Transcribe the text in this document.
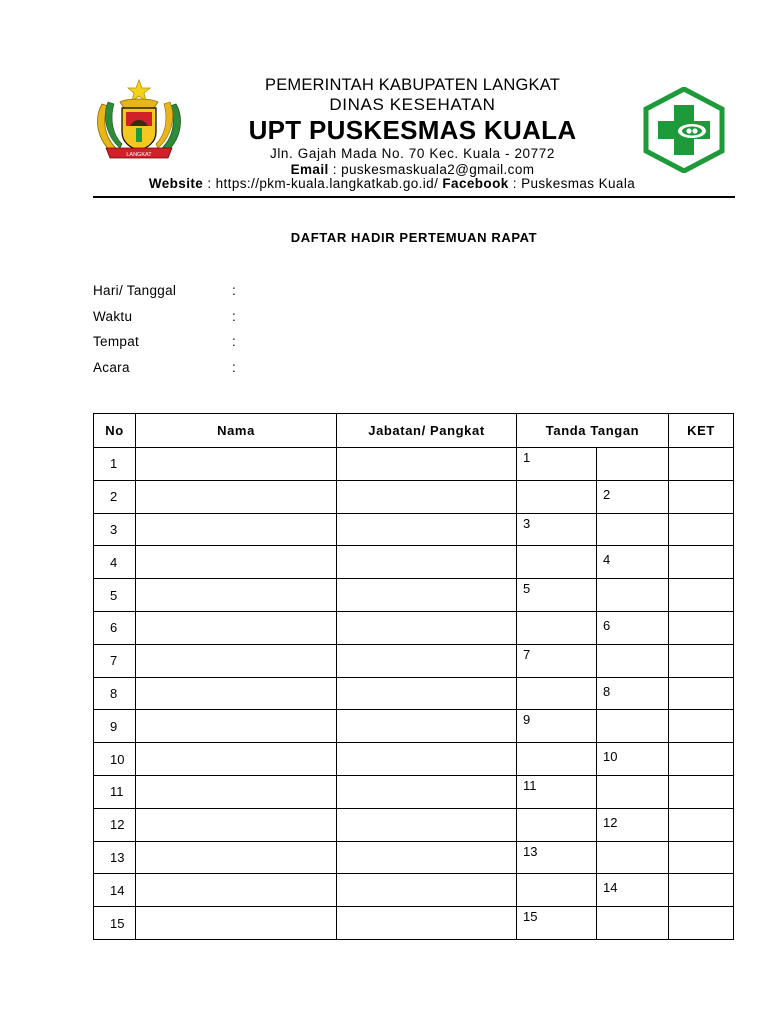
LANGKAT
PEMERINTAH KABUPATEN LANGKAT
DINAS KESEHATAN
UPT PUSKESMAS KUALA
Jln. Gajah Mada No. 70 Kec. Kuala - 20772
Email : puskesmaskuala2@gmail.com
Website : https://pkm-kuala.langkatkab.go.id/ Facebook : Puskesmas Kuala
DAFTAR HADIR PERTEMUAN RAPAT
Hari/ Tanggal	:
Waktu	:
Tempat	:
Acara	:
No	Nama	Jabatan/ Pangkat	Tanda Tangan		KET
1			1		

2				2	

3			3		

4				4	

5			5		

6				6	

7			7		

8				8	

9			9		

10				10	

11			11		

12				12	

13			13		

14				14	

15			15		
